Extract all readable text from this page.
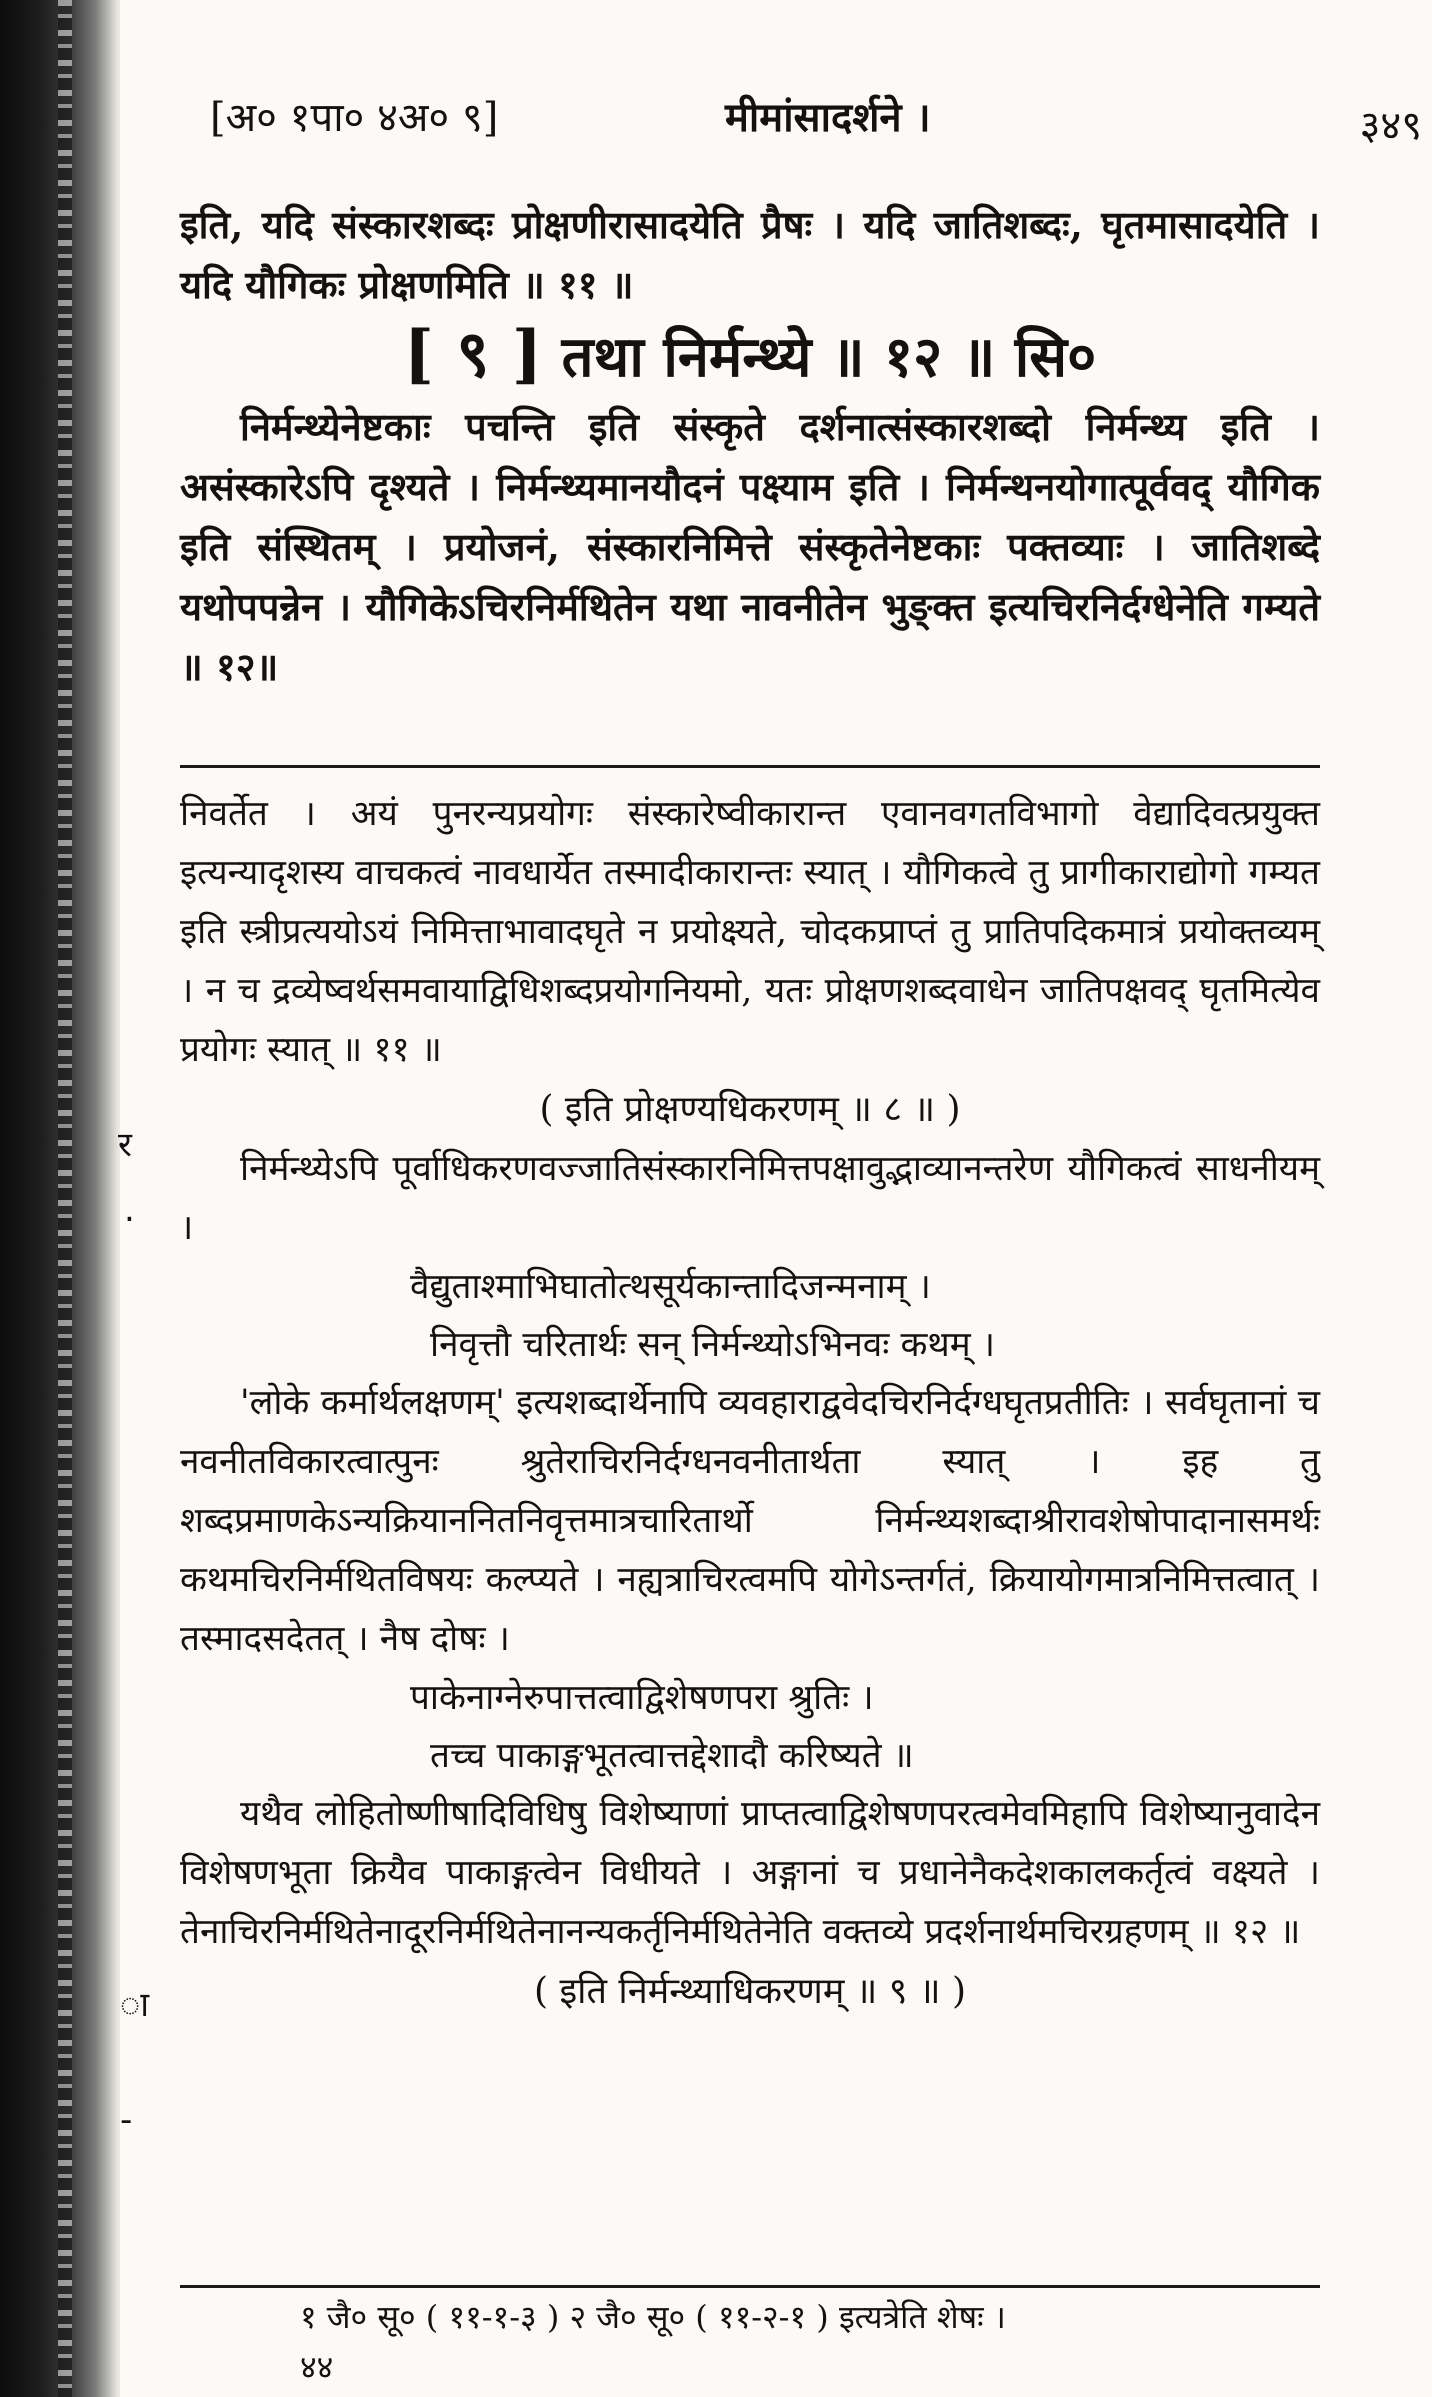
र
.
ा
-
[अ० १पा० ४अ० ९]	मीमांसादर्शने ।	३४९

इति, यदि संस्कारशब्दः प्रोक्षणीरासादयेति प्रैषः । यदि जातिशब्दः, घृतमासादयेति । यदि यौगिकः प्रोक्षणमिति ॥ ११ ॥

[ ९ ] तथा निर्मन्थ्ये ॥ १२ ॥ सि०

निर्मन्थ्येनेष्टकाः पचन्ति इति संस्कृते दर्शनात्संस्कारशब्दो निर्मन्थ्य इति । असंस्कारेऽपि दृश्यते । निर्मन्थ्यमानयौदनं पक्ष्याम इति । निर्मन्थनयोगात्पूर्ववद् यौगिक इति संस्थितम् । प्रयोजनं, संस्कारनिमित्ते संस्कृतेनेष्टकाः पक्तव्याः । जातिशब्दे यथोपपन्नेन । यौगिकेऽचिरनिर्मथितेन यथा नावनीतेन भुङ्क्त इत्यचिरनिर्दग्धेनेति गम्यते ॥ १२॥

निवर्तेत । अयं पुनरन्यप्रयोगः संस्कारेष्वीकारान्त एवानवगतविभागो वेद्यादिवत्प्रयुक्त इत्यन्यादृशस्य वाचकत्वं नावधार्येत तस्मादीकारान्तः स्यात् । यौगिकत्वे तु प्रागीकाराद्योगो गम्यत इति स्त्रीप्रत्ययोऽयं निमित्ताभावादघृते न प्रयोक्ष्यते, चोदकप्राप्तं तु प्रातिपदिकमात्रं प्रयोक्तव्यम् । न च द्रव्येष्वर्थसमवायाद्विधिशब्दप्रयोगनियमो, यतः प्रोक्षणशब्दवाधेन जातिपक्षवद् घृतमित्येव प्रयोगः स्यात् ॥ ११ ॥

( इति प्रोक्षण्यधिकरणम् ॥ ८ ॥ )

निर्मन्थ्येऽपि पूर्वाधिकरणवज्जातिसंस्कारनिमित्तपक्षावुद्भाव्यानन्तरेण यौगिकत्वं साधनीयम् ।

वैद्युताश्माभिघातोत्थसूर्यकान्तादिजन्मनाम् ।
निवृत्तौ चरितार्थः सन् निर्मन्थ्योऽभिनवः कथम् ।

'लोके कर्मार्थलक्षणम्' इत्यशब्दार्थेनापि व्यवहाराद्ववेदचिरनिर्दग्धघृतप्रतीतिः । सर्वघृतानां च नवनीतविकारत्वात्पुनः श्रुतेराचिरनिर्दग्धनवनीतार्थता स्यात् । इह तु शब्दप्रमाणकेऽन्यक्रियाननितनिवृत्तमात्रचारितार्थो निर्मन्थ्यशब्दाश्रीरावशेषोपादानासमर्थः कथमचिरनिर्मथितविषयः कल्प्यते । नह्यत्राचिरत्वमपि योगेऽन्तर्गतं, क्रियायोगमात्रनिमित्तत्वात् । तस्मादसदेतत् । नैष दोषः ।

पाकेनाग्नेरुपात्तत्वाद्विशेषणपरा श्रुतिः ।
तच्च पाकाङ्गभूतत्वात्तद्देशादौ करिष्यते ॥

यथैव लोहितोष्णीषादिविधिषु विशेष्याणां प्राप्तत्वाद्विशेषणपरत्वमेवमिहापि विशेष्यानुवादेन विशेषणभूता क्रियैव पाकाङ्गत्वेन विधीयते । अङ्गानां च प्रधानेनैकदेशकालकर्तृत्वं वक्ष्यते । तेनाचिरनिर्मथितेनादूरनिर्मथितेनानन्यकर्तृनिर्मथितेनेति वक्तव्ये प्रदर्शनार्थमचिरग्रहणम् ॥ १२ ॥

( इति निर्मन्थ्याधिकरणम् ॥ ९ ॥ )
१ जै० सू० ( ११-१-३ ) २ जै० सू० ( ११-२-१ ) इत्यत्रेति शेषः ।
४४
